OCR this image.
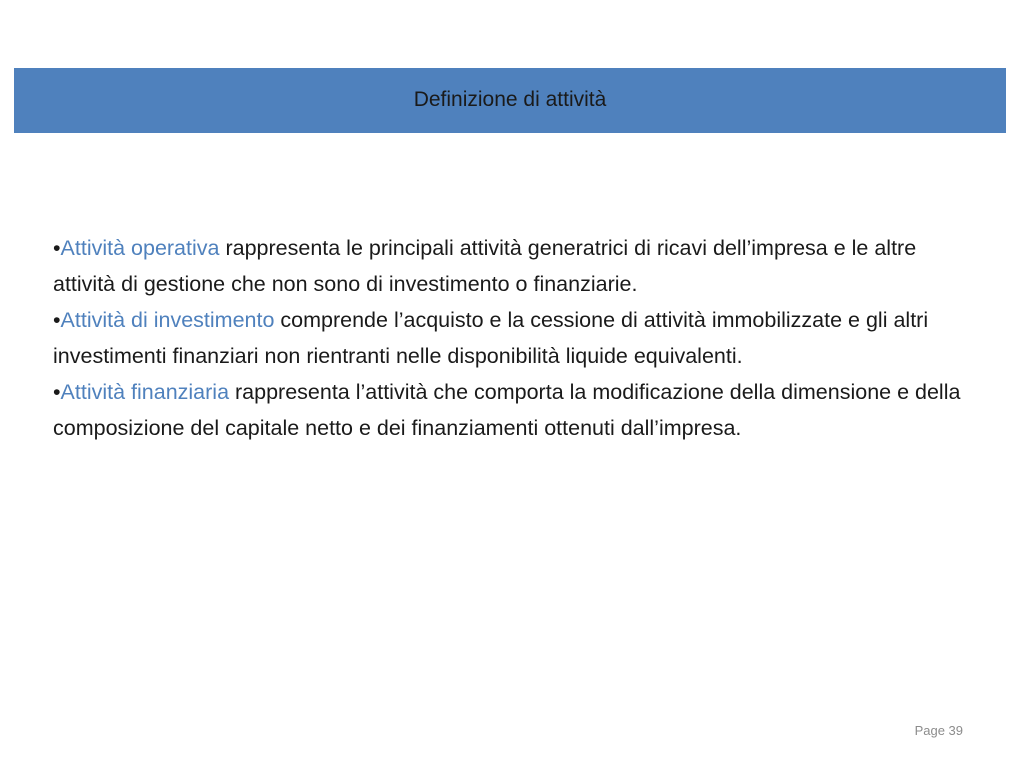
Definizione di attività

•Attività operativa rappresenta le principali attività generatrici di ricavi dell’impresa e le altre attività di gestione che non sono di investimento o finanziarie.

•Attività di investimento comprende l’acquisto e la cessione di attività immobilizzate e gli altri investimenti finanziari non rientranti nelle disponibilità liquide equivalenti.

•Attività finanziaria rappresenta l’attività che comporta la modificazione della dimensione e della composizione del capitale netto e dei finanziamenti ottenuti dall’impresa.

Page 39
